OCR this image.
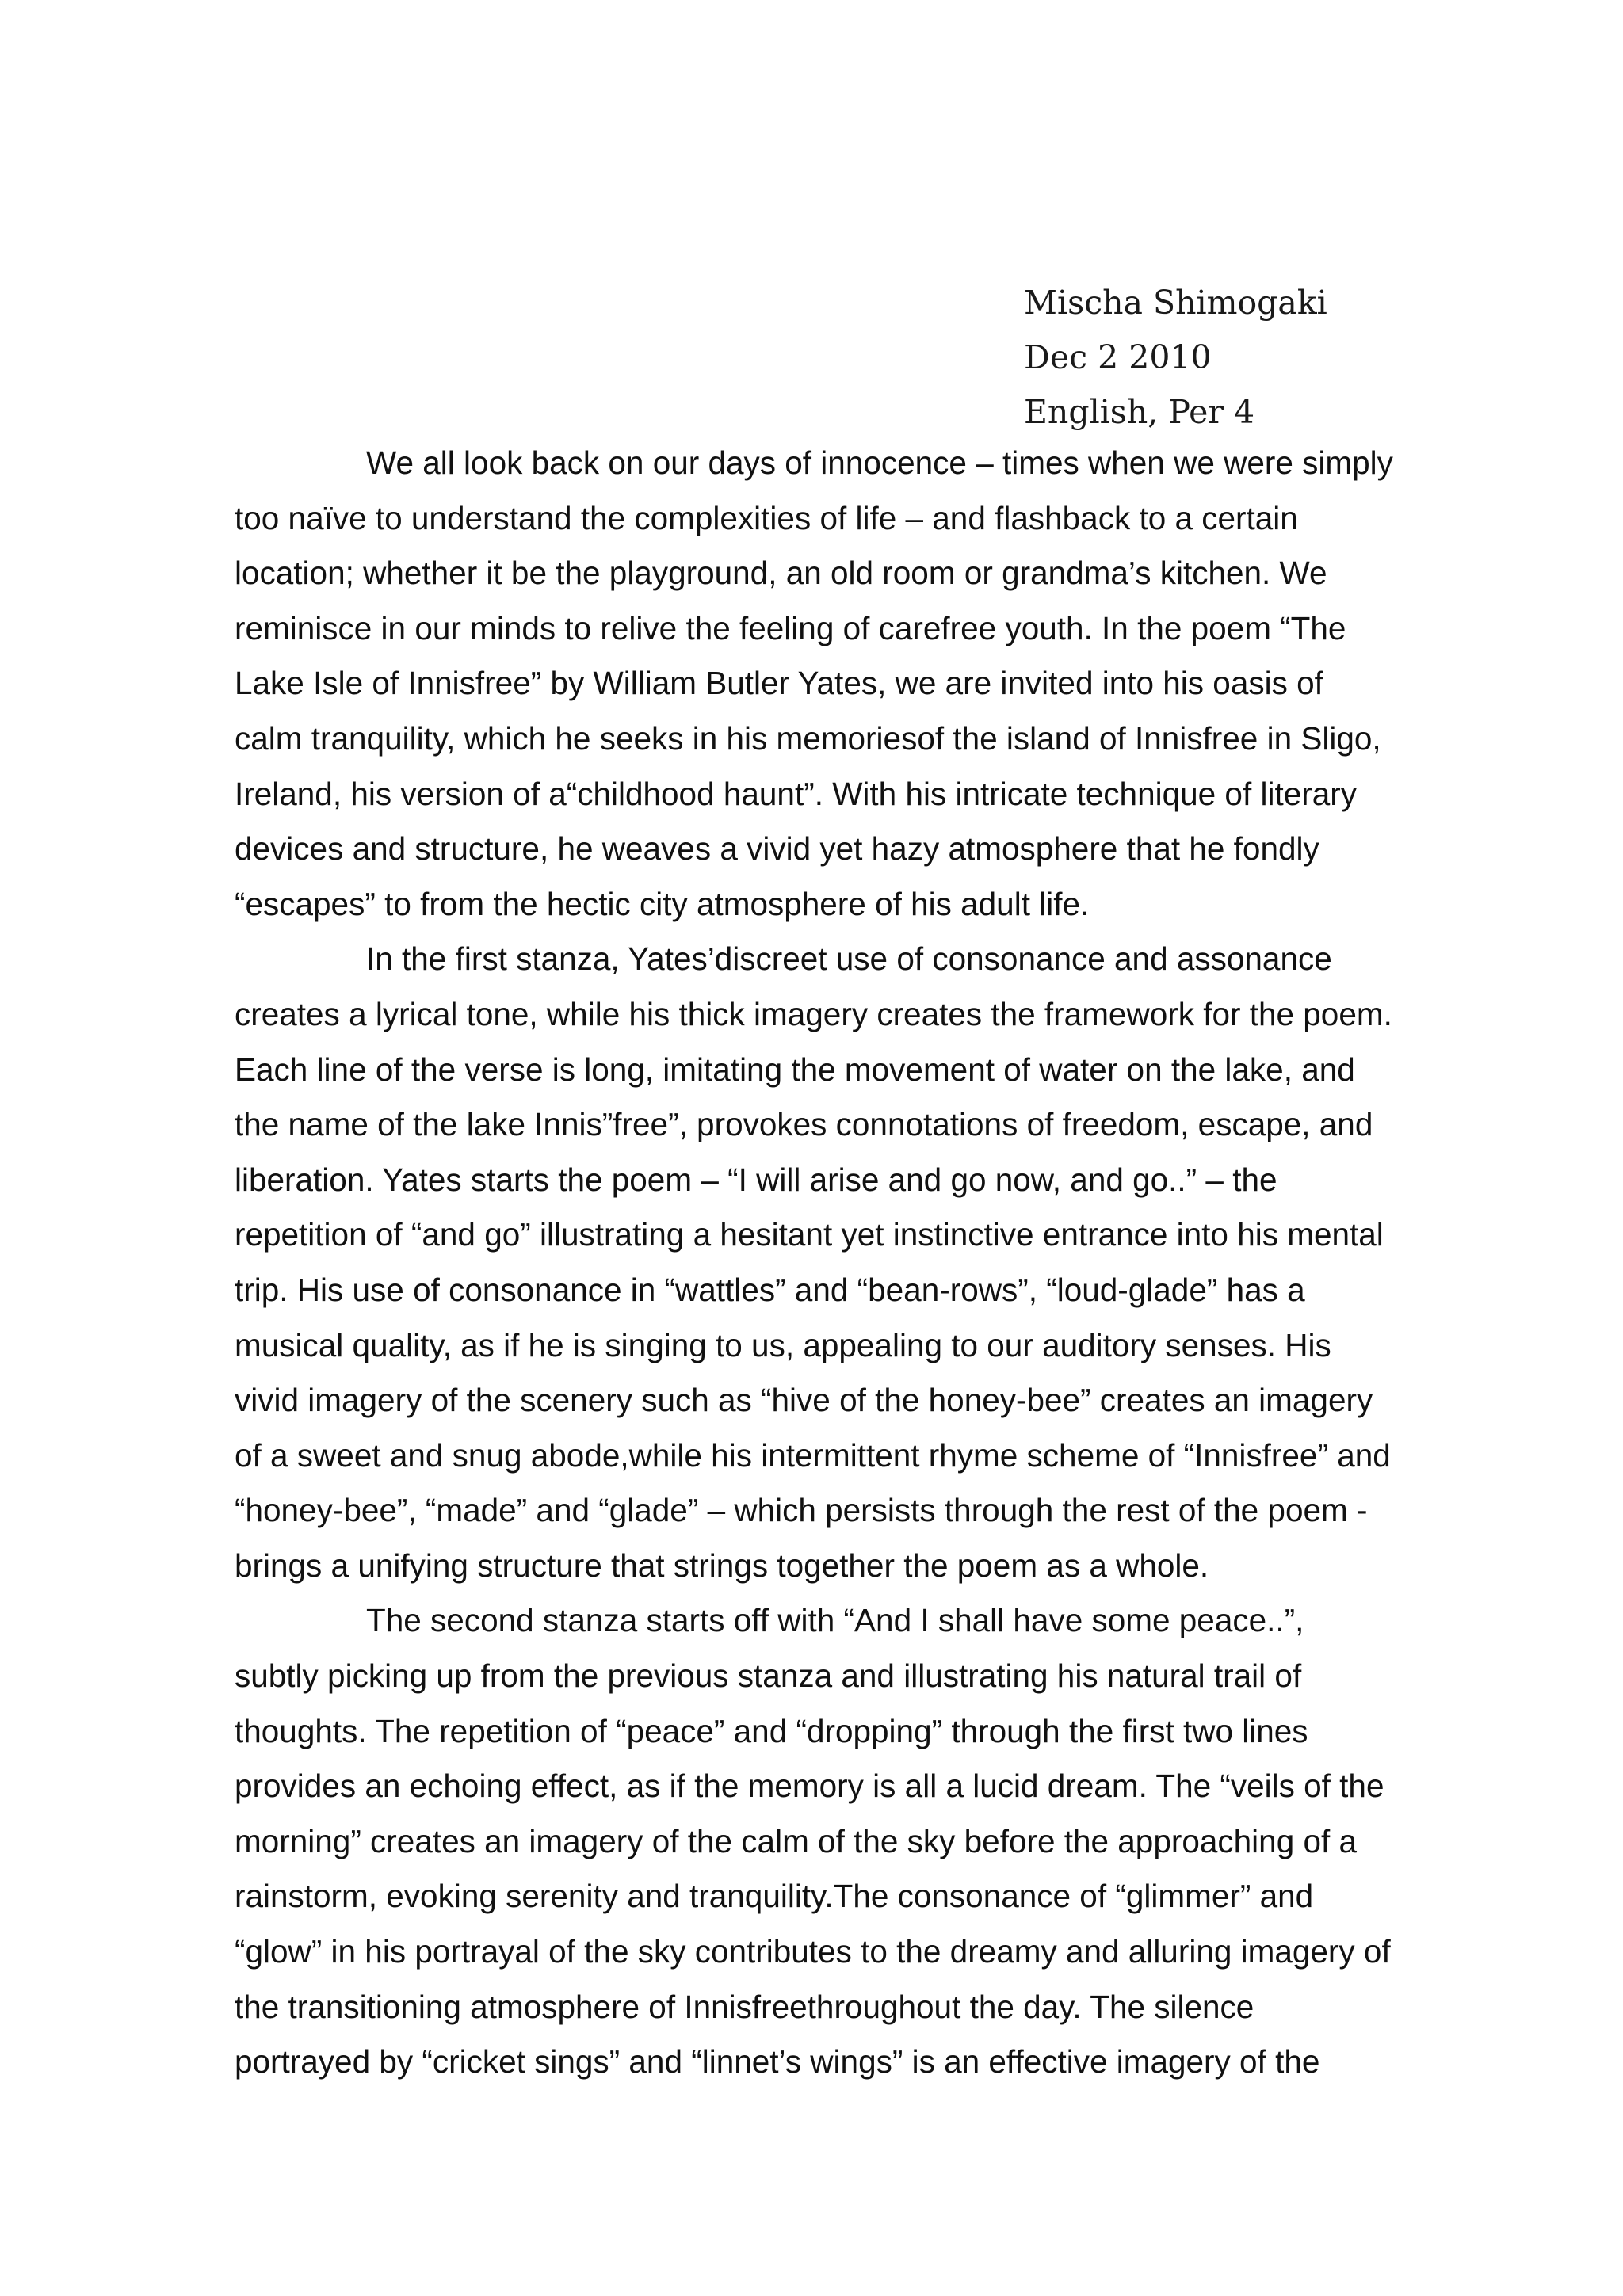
Mischa Shimogaki
Dec 2 2010
English, Per 4
We all look back on our days of innocence – times when we were simply
too naïve to understand the complexities of life – and flashback to a certain
location; whether it be the playground, an old room or grandma’s kitchen. We
reminisce in our minds to relive the feeling of carefree youth. In the poem “The
Lake Isle of Innisfree” by William Butler Yates, we are invited into his oasis of
calm tranquility, which he seeks in his memoriesof the island of Innisfree in Sligo,
Ireland, his version of a“childhood haunt”. With his intricate technique of literary
devices and structure, he weaves a vivid yet hazy atmosphere that he fondly
“escapes” to from the hectic city atmosphere of his adult life.
In the first stanza, Yates’discreet use of consonance and assonance
creates a lyrical tone, while his thick imagery creates the framework for the poem.
Each line of the verse is long, imitating the movement of water on the lake, and
the name of the lake Innis”free”, provokes connotations of freedom, escape, and
liberation. Yates starts the poem – “I will arise and go now, and go..” – the
repetition of “and go” illustrating a hesitant yet instinctive entrance into his mental
trip. His use of consonance in “wattles” and “bean-rows”, “loud-glade” has a
musical quality, as if he is singing to us, appealing to our auditory senses. His
vivid imagery of the scenery such as “hive of the honey-bee” creates an imagery
of a sweet and snug abode,while his intermittent rhyme scheme of “Innisfree” and
“honey-bee”, “made” and “glade” – which persists through the rest of the poem -
brings a unifying structure that strings together the poem as a whole.
The second stanza starts off with “And I shall have some peace..”,
subtly picking up from the previous stanza and illustrating his natural trail of
thoughts. The repetition of “peace” and “dropping” through the first two lines
provides an echoing effect, as if the memory is all a lucid dream. The “veils of the
morning” creates an imagery of the calm of the sky before the approaching of a
rainstorm, evoking serenity and tranquility.The consonance of “glimmer” and
“glow” in his portrayal of the sky contributes to the dreamy and alluring imagery of
the transitioning atmosphere of Innisfreethroughout the day. The silence
portrayed by “cricket sings” and “linnet’s wings” is an effective imagery of the
